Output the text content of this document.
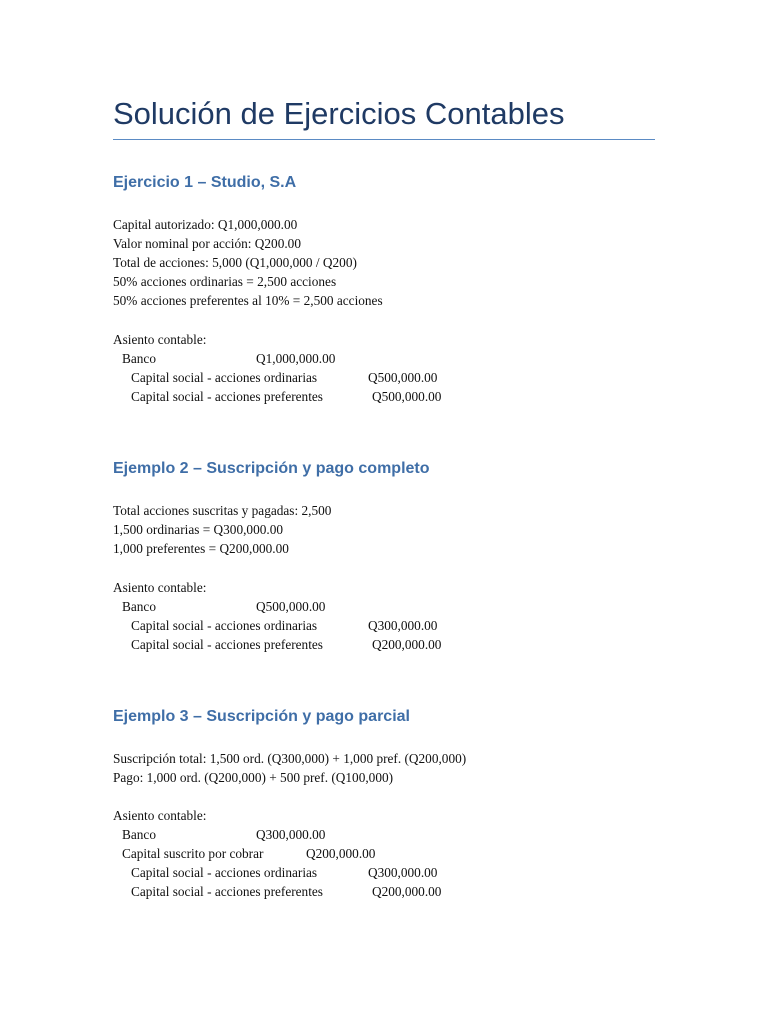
Solución de Ejercicios Contables
Ejercicio 1 – Studio, S.A

Capital autorizado: Q1,000,000.00

Valor nominal por acción: Q200.00

Total de acciones: 5,000 (Q1,000,000 / Q200)

50% acciones ordinarias = 2,500 acciones

50% acciones preferentes al 10% = 2,500 acciones

Asiento contable:

Banco	Q1,000,000.00

Capital social - acciones ordinarias	Q500,000.00

Capital social - acciones preferentes	Q500,000.00

Ejemplo 2 – Suscripción y pago completo

Total acciones suscritas y pagadas: 2,500

1,500 ordinarias = Q300,000.00

1,000 preferentes = Q200,000.00

Asiento contable:

Banco	Q500,000.00

Capital social - acciones ordinarias	Q300,000.00

Capital social - acciones preferentes	Q200,000.00

Ejemplo 3 – Suscripción y pago parcial

Suscripción total: 1,500 ord. (Q300,000) + 1,000 pref. (Q200,000)

Pago: 1,000 ord. (Q200,000) + 500 pref. (Q100,000)

Asiento contable:

Banco	Q300,000.00

Capital suscrito por cobrar	Q200,000.00

Capital social - acciones ordinarias	Q300,000.00

Capital social - acciones preferentes	Q200,000.00
